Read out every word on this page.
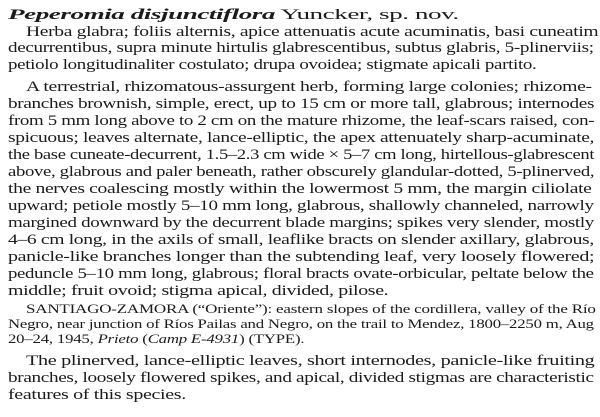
Peperomia disjunctiflora Yuncker, sp. nov.
Herba glabra; foliis alternis, apice attenuatis acute acuminatis, basi cuneatim
decurrentibus, supra minute hirtulis glabrescentibus, subtus glabris, 5-plinerviis;
petiolo longitudinaliter costulato; drupa ovoidea; stigmate apicali partito.
A terrestrial, rhizomatous-assurgent herb, forming large colonies; rhizome-
branches brownish, simple, erect, up to 15 cm or more tall, glabrous; internodes
from 5 mm long above to 2 cm on the mature rhizome, the leaf-scars raised, con-
spicuous; leaves alternate, lance-elliptic, the apex attenuately sharp-acuminate,
the base cuneate-decurrent, 1.5–2.3 cm wide × 5–7 cm long, hirtellous-glabrescent
above, glabrous and paler beneath, rather obscurely glandular-dotted, 5-plinerved,
the nerves coalescing mostly within the lowermost 5 mm, the margin ciliolate
upward; petiole mostly 5–10 mm long, glabrous, shallowly channeled, narrowly
margined downward by the decurrent blade margins; spikes very slender, mostly
4–6 cm long, in the axils of small, leaflike bracts on slender axillary, glabrous,
panicle-like branches longer than the subtending leaf, very loosely flowered;
peduncle 5–10 mm long, glabrous; floral bracts ovate-orbicular, peltate below the
middle; fruit ovoid; stigma apical, divided, pilose.
SANTIAGO-ZAMORA (“Oriente”): eastern slopes of the cordillera, valley of the Río
Negro, near junction of Ríos Pailas and Negro, on the trail to Mendez, 1800–2250 m, Aug
20–24, 1945, Prieto (Camp E-4931) (TYPE).
The plinerved, lance-elliptic leaves, short internodes, panicle-like fruiting
branches, loosely flowered spikes, and apical, divided stigmas are characteristic
features of this species.
